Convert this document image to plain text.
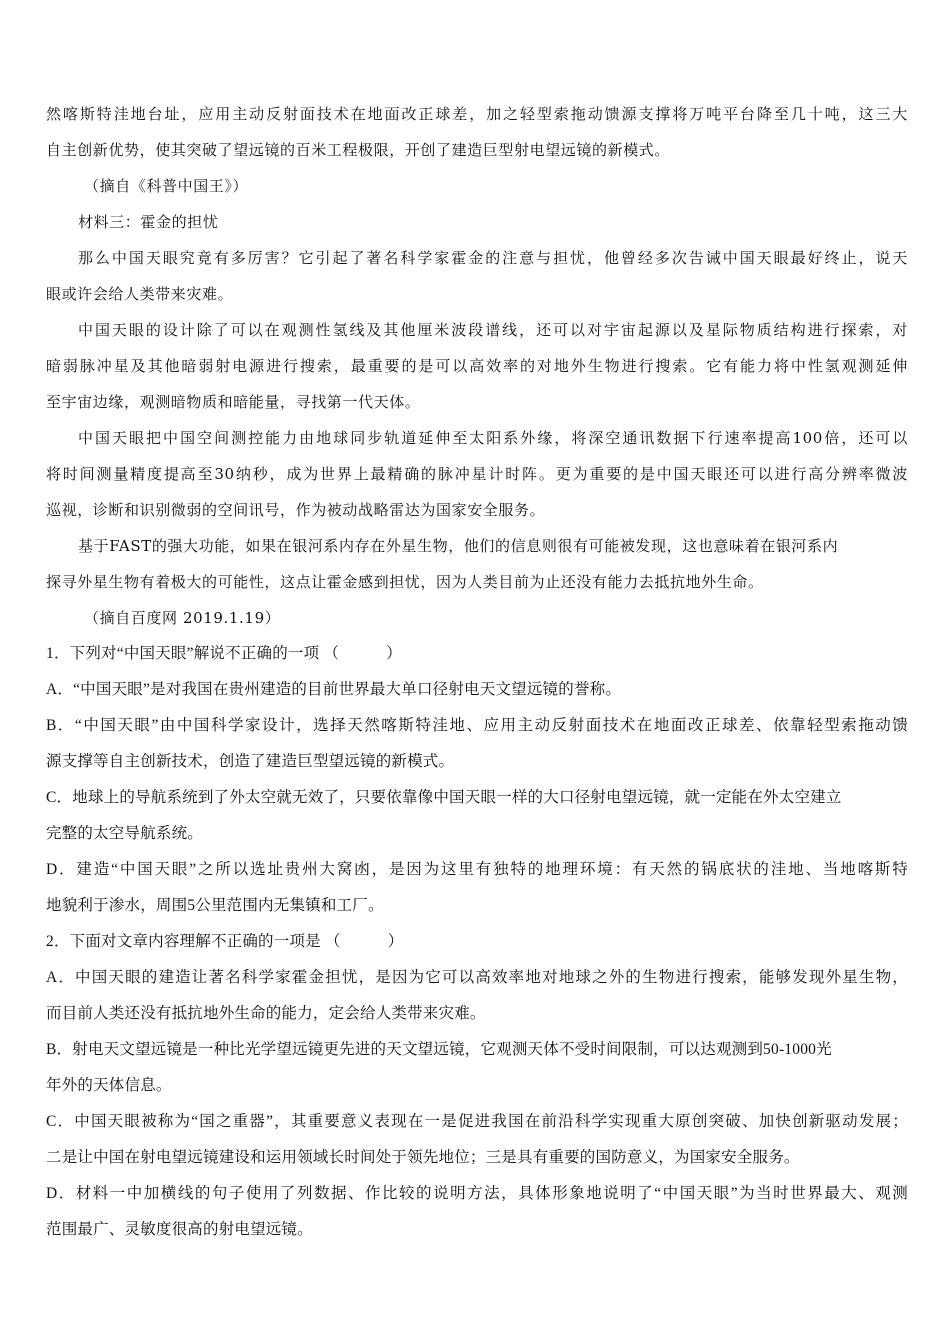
然喀斯特洼地台址，应用主动反射面技术在地面改正球差，加之轻型索拖动馈源支撑将万吨平台降至几十吨，这三大
自主创新优势，使其突破了望远镜的百米工程极限，开创了建造巨型射电望远镜的新模式。
（摘自《科普中国王》）
材料三：霍金的担忧
那么中国天眼究竟有多厉害？它引起了著名科学家霍金的注意与担忧，他曾经多次告诫中国天眼最好终止，说天
眼或许会给人类带来灾难。
中国天眼的设计除了可以在观测性氢线及其他厘米波段谱线，还可以对宇宙起源以及星际物质结构进行探索，对
暗弱脉冲星及其他暗弱射电源进行搜索，最重要的是可以高效率的对地外生物进行搜索。它有能力将中性氢观测延伸
至宇宙边缘，观测暗物质和暗能量，寻找第一代天体。
中国天眼把中国空间测控能力由地球同步轨道延伸至太阳系外缘，将深空通讯数据下行速率提高100倍，还可以
将时间测量精度提高至30纳秒，成为世界上最精确的脉冲星计时阵。更为重要的是中国天眼还可以进行高分辨率微波
巡视，诊断和识别微弱的空间讯号，作为被动战略雷达为国家安全服务。
基于FAST的强大功能，如果在银河系内存在外星生物，他们的信息则很有可能被发现，这也意味着在银河系内
探寻外星生物有着极大的可能性，这点让霍金感到担忧，因为人类目前为止还没有能力去抵抗地外生命。
（摘自百度网 2019.1.19）
1．下列对“中国天眼”解说不正确的一项 （　　　）
A．“中国天眼”是对我国在贵州建造的目前世界最大单口径射电天文望远镜的誉称。
B．“中国天眼”由中国科学家设计，选择天然喀斯特洼地、应用主动反射面技术在地面改正球差、依靠轻型索拖动馈
源支撑等自主创新技术，创造了建造巨型望远镜的新模式。
C．地球上的导航系统到了外太空就无效了，只要依靠像中国天眼一样的大口径射电望远镜，就一定能在外太空建立
完整的太空导航系统。
D．建造“中国天眼”之所以选址贵州大窝凼，是因为这里有独特的地理环境：有天然的锅底状的洼地、当地喀斯特
地貌利于渗水，周围5公里范围内无集镇和工厂。
2．下面对文章内容理解不正确的一项是 （　　　）
A．中国天眼的建造让著名科学家霍金担忧，是因为它可以高效率地对地球之外的生物进行搜索，能够发现外星生物，
而目前人类还没有抵抗地外生命的能力，定会给人类带来灾难。
B．射电天文望远镜是一种比光学望远镜更先进的天文望远镜，它观测天体不受时间限制，可以达观测到50-1000光
年外的天体信息。
C．中国天眼被称为“国之重器”，其重要意义表现在一是促进我国在前沿科学实现重大原创突破、加快创新驱动发展；
二是让中国在射电望远镜建设和运用领域长时间处于领先地位；三是具有重要的国防意义，为国家安全服务。
D．材料一中加横线的句子使用了列数据、作比较的说明方法，具体形象地说明了“中国天眼”为当时世界最大、观测
范围最广、灵敏度很高的射电望远镜。
